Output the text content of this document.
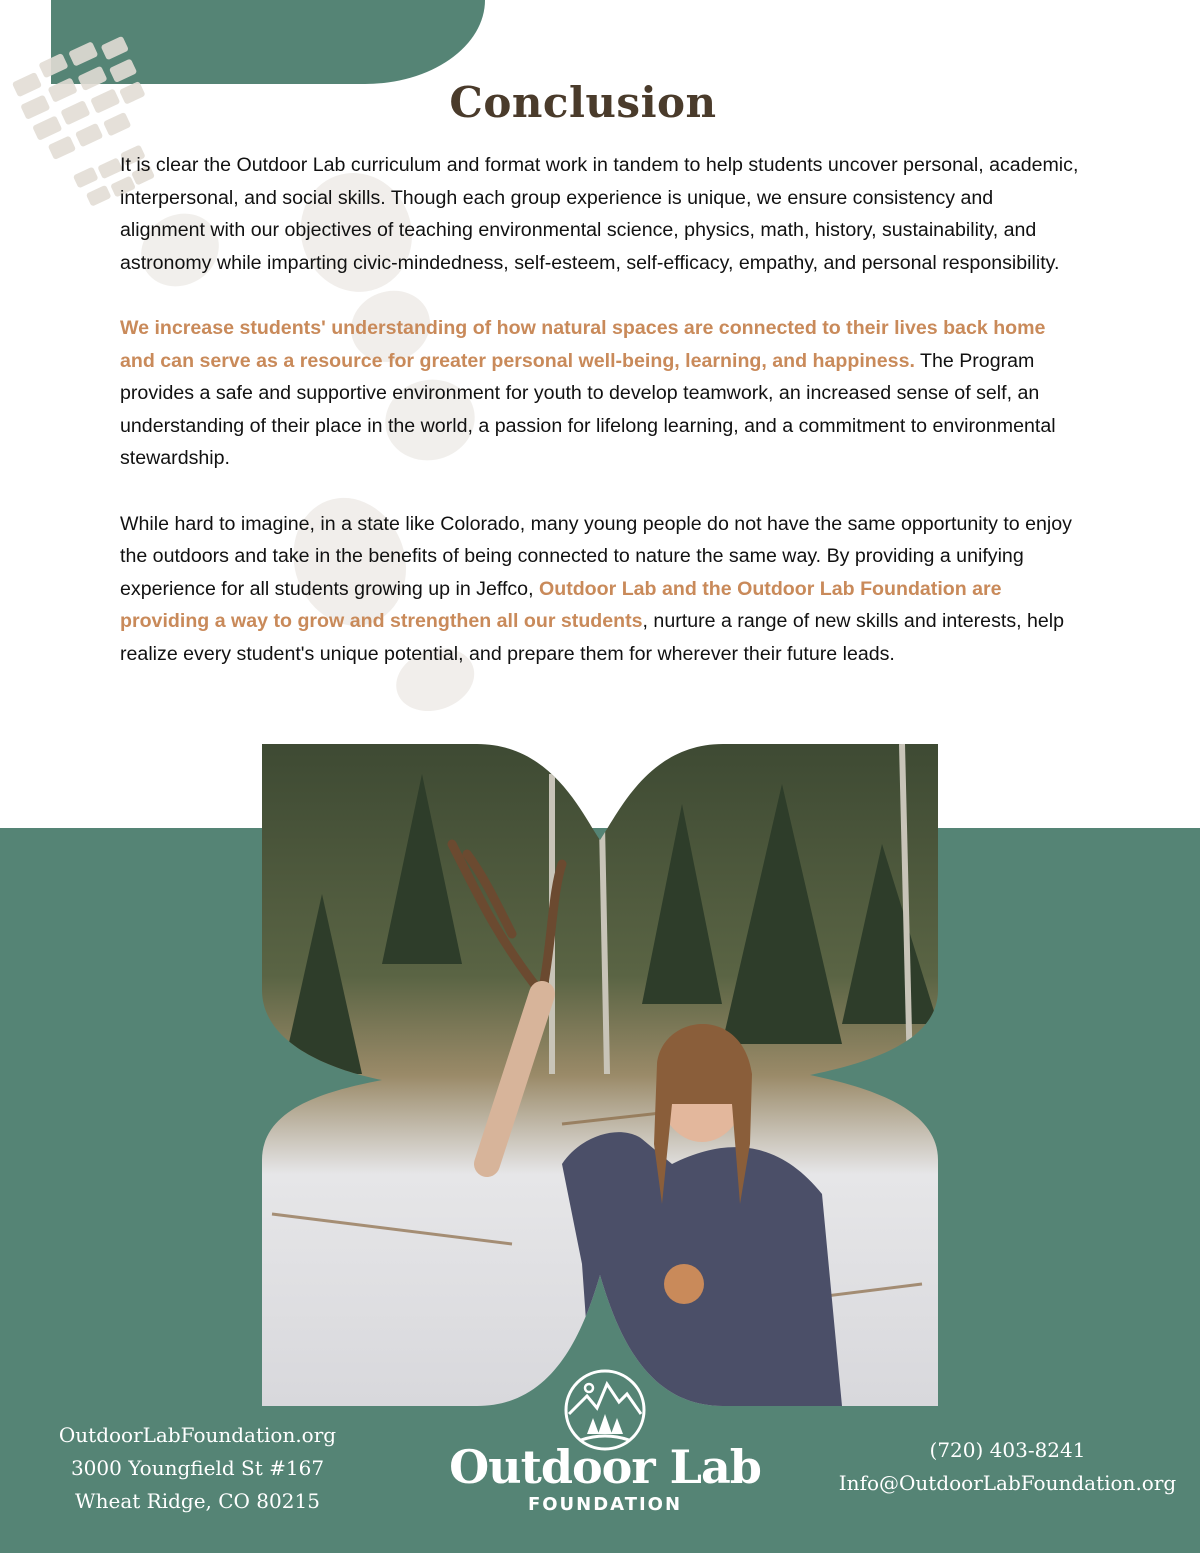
Conclusion

It is clear the Outdoor Lab curriculum and format work in tandem to help students uncover personal, academic, interpersonal, and social skills. Though each group experience is unique, we ensure consistency and alignment with our objectives of teaching environmental science, physics, math, history, sustainability, and astronomy while imparting civic-mindedness, self-esteem, self-efficacy, empathy, and personal responsibility.

We increase students' understanding of how natural spaces are connected to their lives back home and can serve as a resource for greater personal well-being, learning, and happiness. The Program provides a safe and supportive environment for youth to develop teamwork, an increased sense of self, an understanding of their place in the world, a passion for lifelong learning, and a commitment to environmental stewardship.

While hard to imagine, in a state like Colorado, many young people do not have the same opportunity to enjoy the outdoors and take in the benefits of being connected to nature the same way. By providing a unifying experience for all students growing up in Jeffco, Outdoor Lab and the Outdoor Lab Foundation are providing a way to grow and strengthen all our students, nurture a range of new skills and interests, help realize every student's unique potential, and prepare them for wherever their future leads.

OutdoorLabFoundation.org
3000 Youngfield St #167
Wheat Ridge, CO 80215
Outdoor Lab
FOUNDATION
(720) 403-8241
Info@OutdoorLabFoundation.org
